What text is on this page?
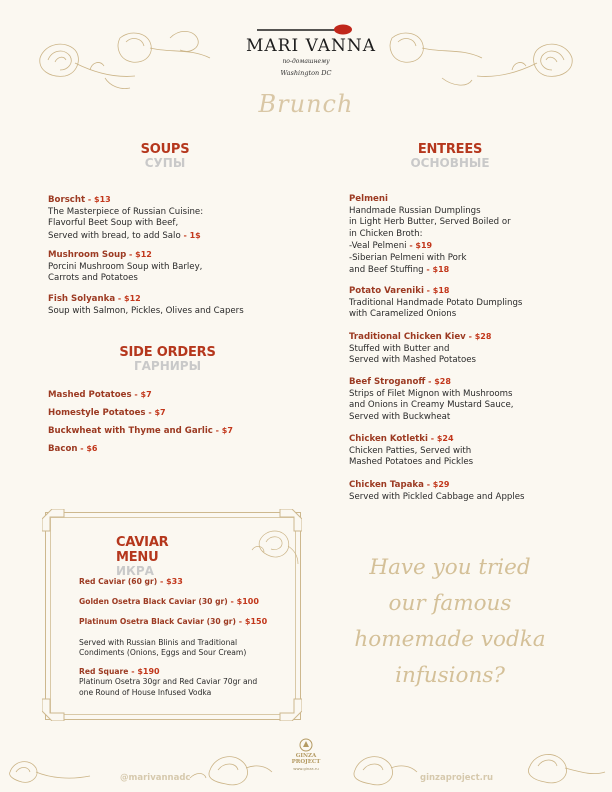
MARI VANNA
по-домашнему
Washington DC
Brunch
SOUPS
СУПЫ
Borscht - $13
The Masterpiece of Russian Cuisine:
Flavorful Beet Soup with Beef,
Served with bread, to add Salo - 1$
Mushroom Soup - $12
Porcini Mushroom Soup with Barley,
Carrots and Potatoes
Fish Solyanka - $12
Soup with Salmon, Pickles, Olives and Capers
SIDE ORDERS
ГАРНИРЫ
Mashed Potatoes - $7
Homestyle Potatoes - $7
Buckwheat with Thyme and Garlic - $7
Bacon - $6
ENTREES
ОСНОВНЫЕ
Pelmeni
Handmade Russian Dumplings
in Light Herb Butter, Served Boiled or
in Chicken Broth:
-Veal Pelmeni - $19
-Siberian Pelmeni with Pork
and Beef Stuffing - $18
Potato Vareniki - $18
Traditional Handmade Potato Dumplings
with Caramelized Onions
Traditional Chicken Kiev - $28
Stuffed with Butter and
Served with Mashed Potatoes
Beef Stroganoff - $28
Strips of Filet Mignon with Mushrooms
and Onions in Creamy Mustard Sauce,
Served with Buckwheat
Chicken Kotletki - $24
Chicken Patties, Served with
Mashed Potatoes and Pickles
Chicken Tapaka - $29
Served with Pickled Cabbage and Apples
CAVIAR MENU
ИКРА
Red Caviar (60 gr) - $33
Golden Osetra Black Caviar (30 gr) - $100
Platinum Osetra Black Caviar (30 gr) - $150
Served with Russian Blinis and Traditional
Condiments (Onions, Eggs and Sour Cream)
Red Square - $190
Platinum Osetra 30gr and Red Caviar 70gr and
one Round of House Infused Vodka
Have you tried
our famous
homemade vodka
infusions?
@marivannadc	ginzaproject.ru
GINZA
PROJECT
www.ginza.ru
